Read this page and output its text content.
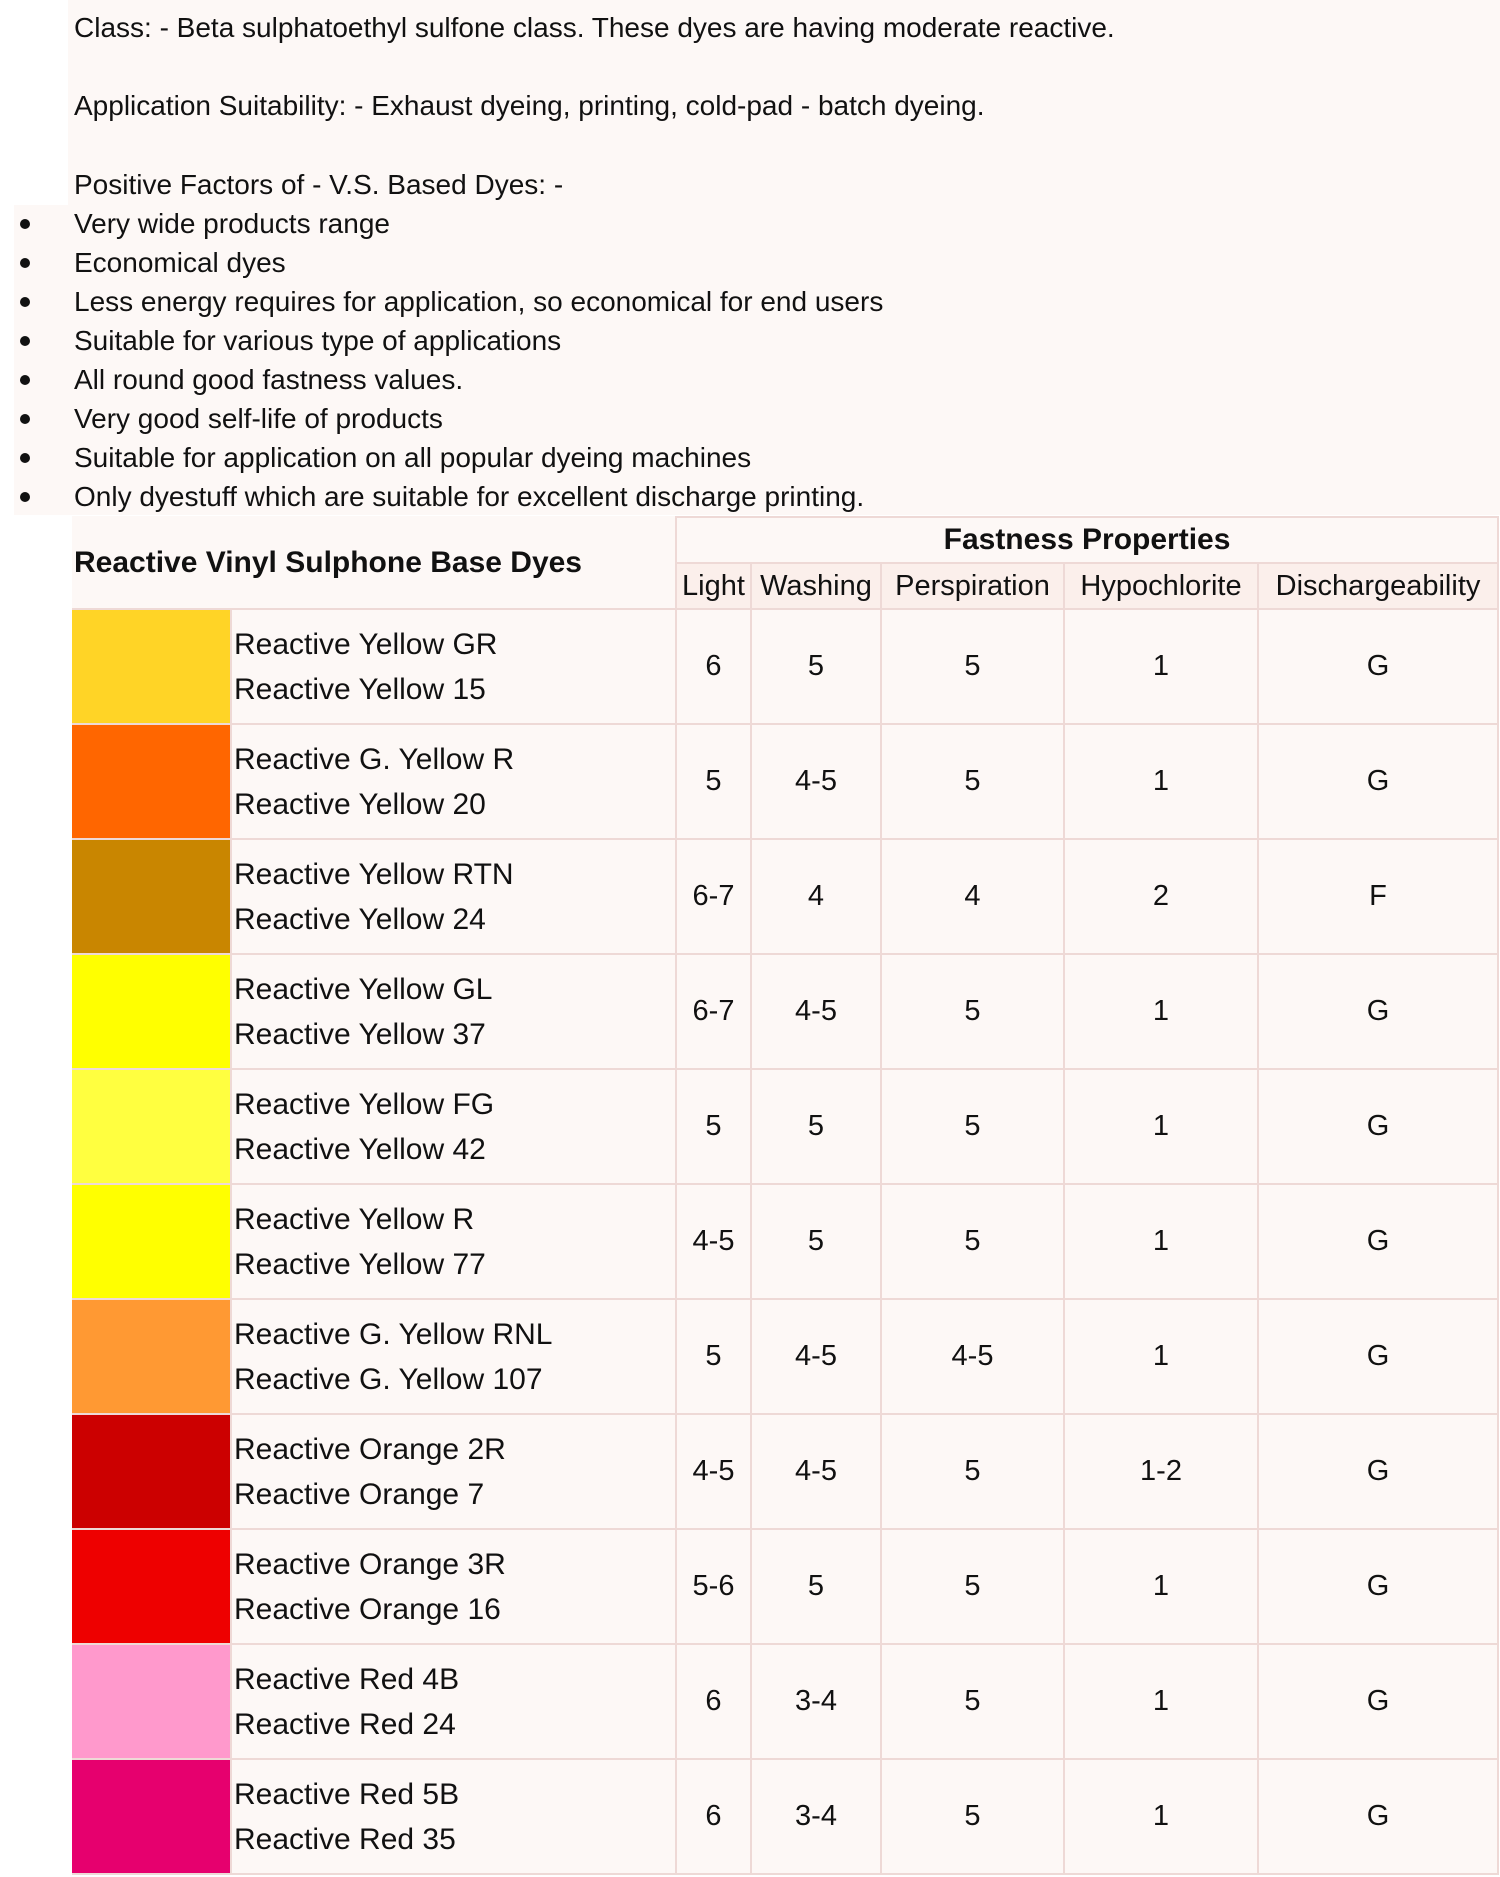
Class: - Beta sulphatoethyl sulfone class. These dyes are having moderate reactive.
Application Suitability: - Exhaust dyeing, printing, cold-pad - batch dyeing.
Positive Factors of - V.S. Based Dyes: -
Very wide products range
Economical dyes
Less energy requires for application, so economical for end users
Suitable for various type of applications
All round good fastness values.
Very good self-life of products
Suitable for application on all popular dyeing machines
Only dyestuff which are suitable for excellent discharge printing.
Reactive Vinyl Sulphone Base Dyes		Fastness Properties				
		Light	Washing	Perspiration	Hypochlorite	Dischargeability

	Reactive Yellow GR
Reactive Yellow 15	6	5	5	1	G

	Reactive G. Yellow R
Reactive Yellow 20	5	4-5	5	1	G

	Reactive Yellow RTN
Reactive Yellow 24	6-7	4	4	2	F

	Reactive Yellow GL
Reactive Yellow 37	6-7	4-5	5	1	G

	Reactive Yellow FG
Reactive Yellow 42	5	5	5	1	G

	Reactive Yellow R
Reactive Yellow 77	4-5	5	5	1	G

	Reactive G. Yellow RNL
Reactive G. Yellow 107	5	4-5	4-5	1	G

	Reactive Orange 2R
Reactive Orange 7	4-5	4-5	5	1-2	G

	Reactive Orange 3R
Reactive Orange 16	5-6	5	5	1	G

	Reactive Red 4B
Reactive Red 24	6	3-4	5	1	G

	Reactive Red 5B
Reactive Red 35	6	3-4	5	1	G
